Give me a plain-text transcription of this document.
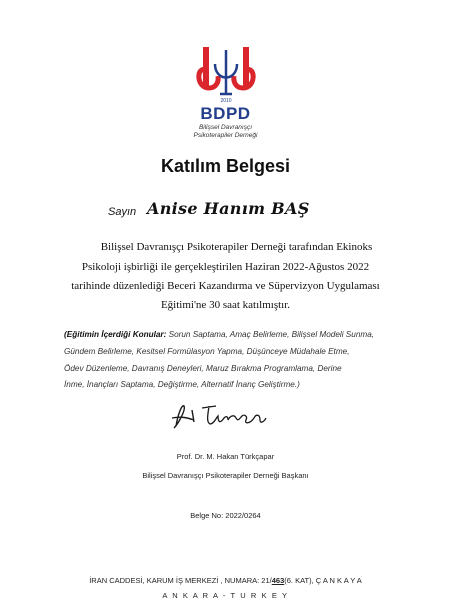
2010
BDPD
Bilişsel Davranışçı
Psikoterapiler Derneği
Katılım Belgesi
Sayın Anise Hanım BAŞ
Bilişsel Davranışçı Psikoterapiler Derneği tarafından Ekinoks
Psikoloji işbirliği ile gerçekleştirilen Haziran 2022-Ağustos 2022
tarihinde düzenlediği Beceri Kazandırma ve Süpervizyon Uygulaması
Eğitimi'ne 30 saat katılmıştır.
(Eğitimin İçerdiği Konular: Sorun Saptama, Amaç Belirleme, Bilişsel Modeli Sunma,
Gündem Belirleme, Kesitsel Formülasyon Yapma, Düşünceye Müdahale Etme,
Ödev Düzenleme, Davranış Deneyleri, Maruz Bırakma Programlama, Derine
İnme, İnançları Saptama, Değiştirme, Alternatif İnanç Geliştirme.)
Prof. Dr. M. Hakan Türkçapar
Bilişsel Davranışçı Psikoterapiler Derneği Başkanı
Belge No: 2022/0264
İRAN CADDESİ, KARUM İŞ MERKEZİ , NUMARA: 21/463(6. KAT), Ç A N K A Y A
A N K A R A - T U R K E Y
